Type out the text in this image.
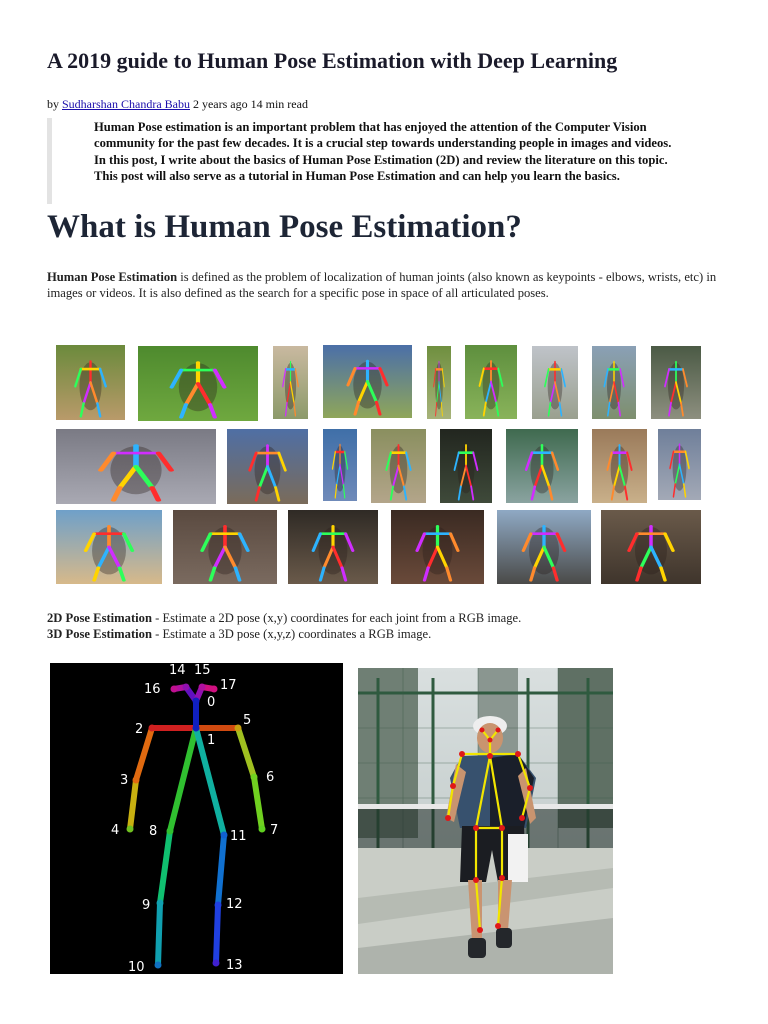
A 2019 guide to Human Pose Estimation with Deep Learning
by Sudharshan Chandra Babu 2 years ago 14 min read
Human Pose estimation is an important problem that has enjoyed the attention of the Computer Vision community for the past few decades. It is a crucial step towards understanding people in images and videos. In this post, I write about the basics of Human Pose Estimation (2D) and review the literature on this topic. This post will also serve as a tutorial in Human Pose Estimation and can help you learn the basics.
What is Human Pose Estimation?
Human Pose Estimation is defined as the problem of localization of human joints (also known as keypoints - elbows, wrists, etc) in images or videos. It is also defined as the search for a specific pose in space of all articulated poses.
2D Pose Estimation - Estimate a 2D pose (x,y) coordinates for each joint from a RGB image.
3D Pose Estimation - Estimate a 3D pose (x,y,z) coordinates a RGB image.
0
1
2
3
4
5
6
7
8
9
10
11
12
13
14 15
16	17
